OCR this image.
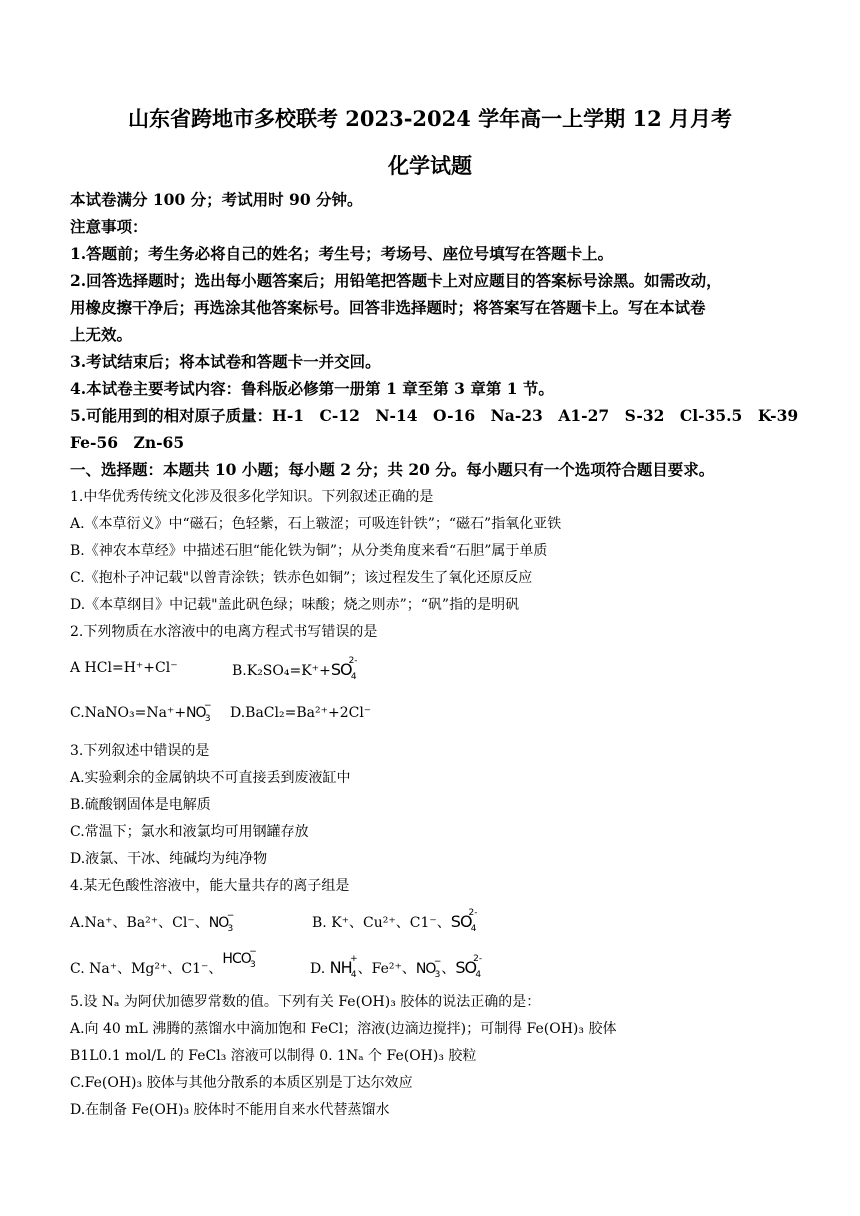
山东省跨地市多校联考 2023-2024 学年高一上学期 12 月月考
化学试题
本试卷满分 100 分；考试用时 90 分钟。
注意事项：
1.答题前；考生务必将自己的姓名；考生号；考场号、座位号填写在答题卡上。
2.回答选择题时；选出每小题答案后；用铅笔把答题卡上对应题目的答案标号涂黑。如需改动，
用橡皮擦干净后；再选涂其他答案标号。回答非选择题时；将答案写在答题卡上。写在本试卷
上无效。
3.考试结束后；将本试卷和答题卡一并交回。
4.本试卷主要考试内容：鲁科版必修第一册第 1 章至第 3 章第 1 节。
5.可能用到的相对原子质量：H-1　C-12　N-14　O-16　Na-23　A1-27　S-32　Cl-35.5　K-39
Fe-56　Zn-65
一、选择题：本题共 10 小题；每小题 2 分；共 20 分。每小题只有一个选项符合题目要求。
1.中华优秀传统文化涉及很多化学知识。下列叙述正确的是
A.《本草衍义》中“磁石；色轻紫，石上皲涩；可吸连针铁”；“磁石”指氧化亚铁
B.《神农本草经》中描述石胆“能化铁为铜”；从分类角度来看“石胆”属于单质
C.《抱朴子冲记载"以曾青涂铁；铁赤色如铜”；该过程发生了氧化还原反应
D.《本草纲目》中记载"盖此矾色绿；味酸；烧之则赤”；“矾”指的是明矾
2.下列物质在水溶液中的电离方程式书写错误的是
A HCl=H⁺+Cl⁻	B.K₂SO₄=K⁺+SO
2-
4
C.NaNO₃=Na⁺+NO
−
3 D.BaCl₂=Ba²⁺+2Cl⁻
3.下列叙述中错误的是
A.实验剩余的金属钠块不可直接丢到废液缸中
B.硫酸钢固体是电解质
C.常温下；氯水和液氯均可用钢罐存放
D.液氯、干冰、纯碱均为纯净物
4.某无色酸性溶液中，能大量共存的离子组是
A.Na⁺、Ba²⁺、Cl⁻、NO
−
3	B. K⁺、Cu²⁺、C1⁻、SO
2-
4
C. Na⁺、Mg²⁺、C1⁻、HCO
−
3	D. NH
+
4 、Fe²⁺、NO
−
3 、SO
2-
4
5.设 Nₐ 为阿伏加德罗常数的值。下列有关 Fe(OH)₃ 胶体的说法正确的是：
A.向 40 mL 沸腾的蒸馏水中滴加饱和 FeCl；溶液(边滴边搅拌)；可制得 Fe(OH)₃ 胶体
B1L0.1 mol/L 的 FeCl₃ 溶液可以制得 0. 1Nₐ 个 Fe(OH)₃ 胶粒
C.Fe(OH)₃ 胶体与其他分散系的本质区别是丁达尔效应
D.在制备 Fe(OH)₃ 胶体时不能用自来水代替蒸馏水
